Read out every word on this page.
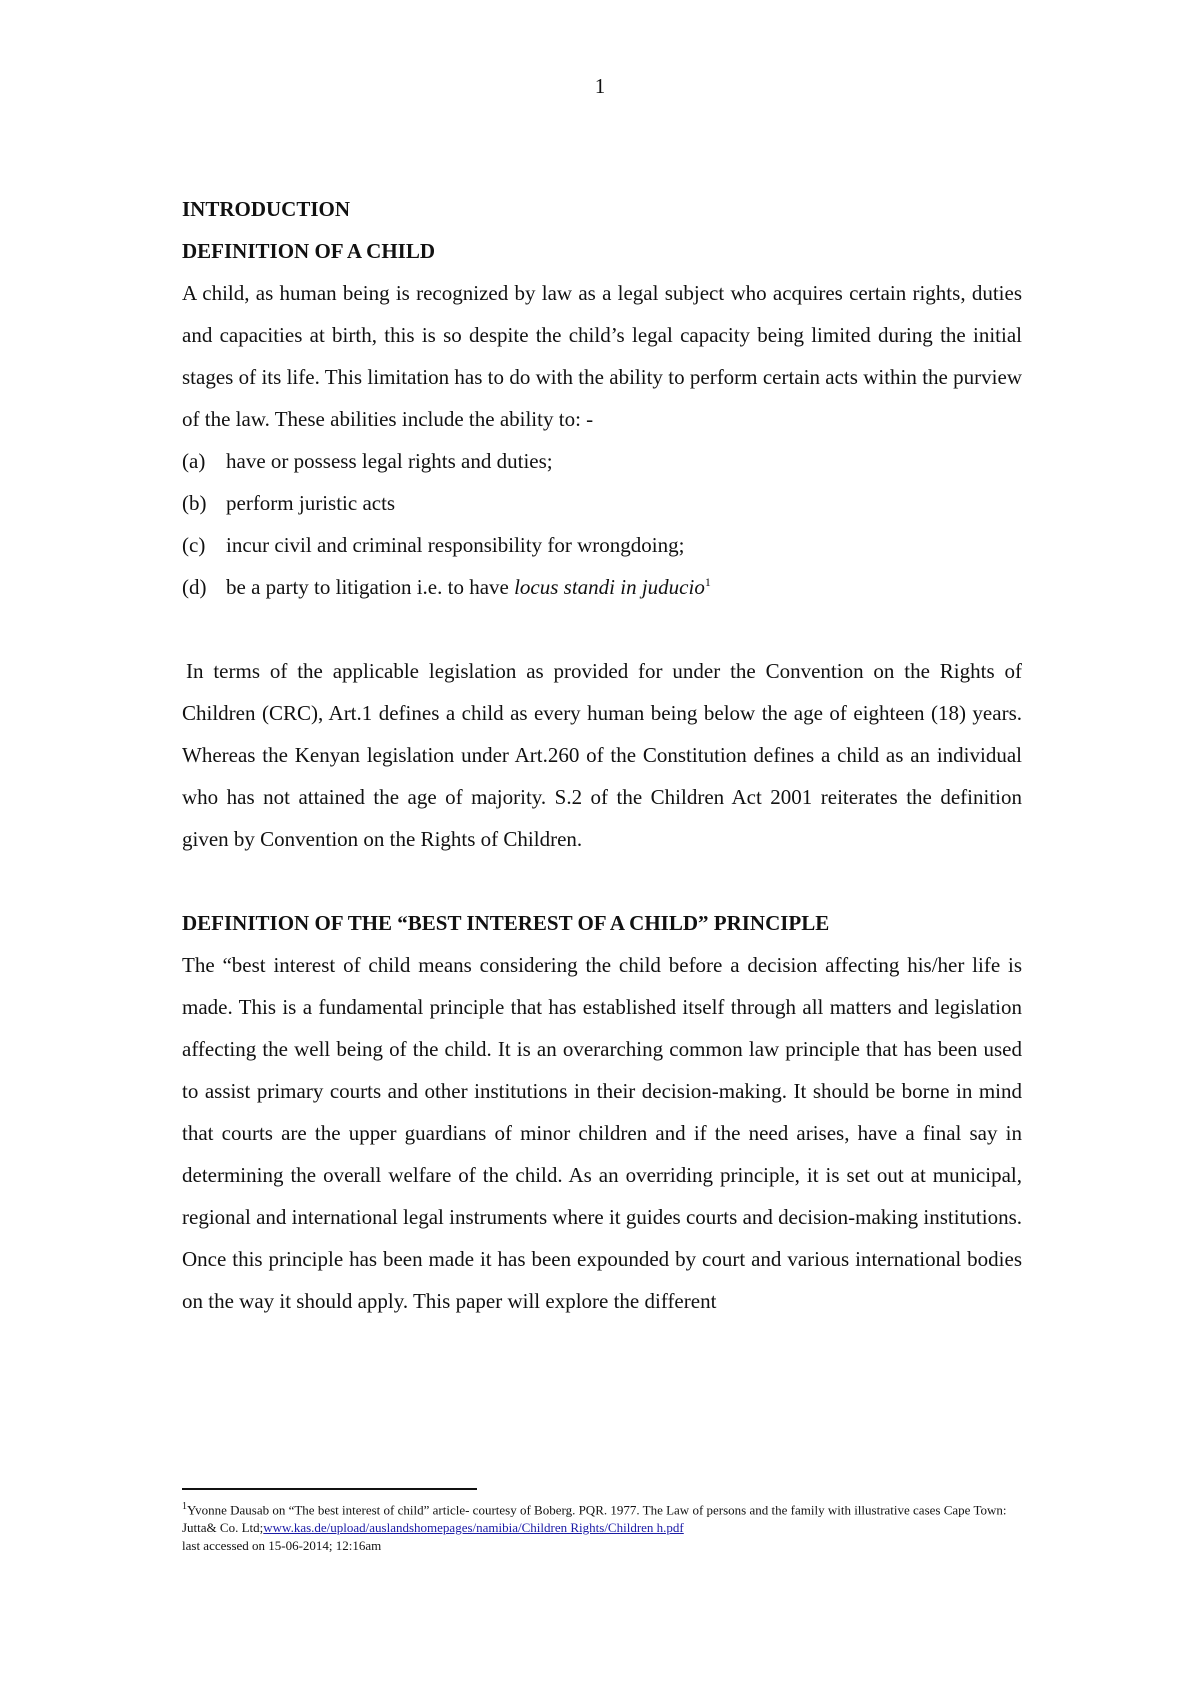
1
INTRODUCTION
DEFINITION OF A CHILD

A child, as human being is recognized by law as a legal subject who acquires certain rights, duties and capacities at birth, this is so despite the child’s legal capacity being limited during the initial stages of its life. This limitation has to do with the ability to perform certain acts within the purview of the law. These abilities include the ability to: -

(a) have or possess legal rights and duties;
(b) perform juristic acts
(c) incur civil and criminal responsibility for wrongdoing;
(d) be a party to litigation i.e. to have locus standi in juducio$^1$

In terms of the applicable legislation as provided for under the Convention on the Rights of Children (CRC), Art.1 defines a child as every human being below the age of eighteen (18) years. Whereas the Kenyan legislation under Art.260 of the Constitution defines a child as an individual who has not attained the age of majority. S.2 of the Children Act 2001 reiterates the definition given by Convention on the Rights of Children.

DEFINITION OF THE “BEST INTEREST OF A CHILD” PRINCIPLE

The “best interest of child means considering the child before a decision affecting his/her life is made. This is a fundamental principle that has established itself through all matters and legislation affecting the well being of the child. It is an overarching common law principle that has been used to assist primary courts and other institutions in their decision-making. It should be borne in mind that courts are the upper guardians of minor children and if the need arises, have a final say in determining the overall welfare of the child. As an overriding principle, it is set out at municipal, regional and international legal instruments where it guides courts and decision-making institutions. Once this principle has been made it has been expounded by court and various international bodies on the way it should apply. This paper will explore the different

$^1$Yvonne Dausab on “The best interest of child” article- courtesy of Boberg. PQR. 1977. The Law of persons and the family with illustrative cases Cape Town: Jutta& Co. Ltd;www.kas.de/upload/auslandshomepages/namibia/Children Rights/Children h.pdf
last accessed on 15-06-2014; 12:16am
